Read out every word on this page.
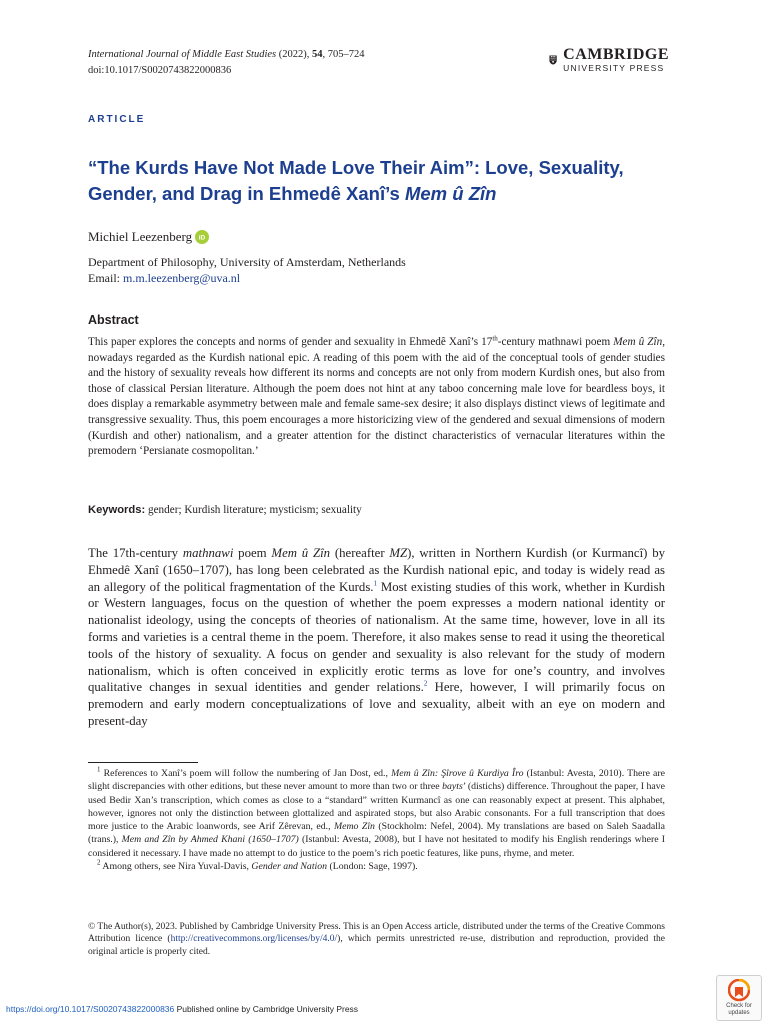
International Journal of Middle East Studies (2022), 54, 705–724
doi:10.1017/S0020743822000836
CAMBRIDGE
UNIVERSITY PRESS
ARTICLE
“The Kurds Have Not Made Love Their Aim”: Love, Sexuality, Gender, and Drag in Ehmedê Xanî’s Mem û Zîn
Michiel Leezenberg iD
Department of Philosophy, University of Amsterdam, Netherlands
Email: m.m.leezenberg@uva.nl
Abstract

This paper explores the concepts and norms of gender and sexuality in Ehmedê Xanî’s 17th-century mathnawi poem Mem û Zîn, nowadays regarded as the Kurdish national epic. A reading of this poem with the aid of the conceptual tools of gender studies and the history of sexuality reveals how different its norms and concepts are not only from modern Kurdish ones, but also from those of classical Persian literature. Although the poem does not hint at any taboo concerning male love for beardless boys, it does display a remarkable asymmetry between male and female same-sex desire; it also displays distinct views of legitimate and transgressive sexuality. Thus, this poem encourages a more historicizing view of the gendered and sexual dimensions of modern (Kurdish and other) nationalism, and a greater attention for the distinct characteristics of vernacular literatures within the premodern ‘Persianate cosmopolitan.’

Keywords: gender; Kurdish literature; mysticism; sexuality

The 17th-century mathnawi poem Mem û Zîn (hereafter MZ), written in Northern Kurdish (or Kurmancî) by Ehmedê Xanî (1650–1707), has long been celebrated as the Kurdish national epic, and today is widely read as an allegory of the political fragmentation of the Kurds.$^1$ Most existing studies of this work, whether in Kurdish or Western languages, focus on the question of whether the poem expresses a modern national identity or nationalist ideology, using the concepts of theories of nationalism. At the same time, however, love in all its forms and varieties is a central theme in the poem. Therefore, it also makes sense to read it using the theoretical tools of the history of sexuality. A focus on gender and sexuality is also relevant for the study of modern nationalism, which is often conceived in explicitly erotic terms as love for one’s country, and involves qualitative changes in sexual identities and gender relations.$^2$ Here, however, I will primarily focus on premodern and early modern conceptualizations of love and sexuality, albeit with an eye on modern and present-day

$^1$ References to Xanî’s poem will follow the numbering of Jan Dost, ed., Mem û Zîn: Şîrove û Kurdiya Îro (Istanbul: Avesta, 2010). There are slight discrepancies with other editions, but these never amount to more than two or three bayts’ (distichs) difference. Throughout the paper, I have used Bedir Xan’s transcription, which comes as close to a “standard” written Kurmancî as one can reasonably expect at present. This alphabet, however, ignores not only the distinction between glottalized and aspirated stops, but also Arabic consonants. For a full transcription that does more justice to the Arabic loanwords, see Arif Zêrevan, ed., Memo Zîn (Stockholm: Nefel, 2004). My translations are based on Saleh Saadalla (trans.), Mem and Zîn by Ahmed Khani (1650–1707) (Istanbul: Avesta, 2008), but I have not hesitated to modify his English renderings where I considered it necessary. I have made no attempt to do justice to the poem’s rich poetic features, like puns, rhyme, and meter.

$^2$ Among others, see Nira Yuval-Davis, Gender and Nation (London: Sage, 1997).

© The Author(s), 2023. Published by Cambridge University Press. This is an Open Access article, distributed under the terms of the Creative Commons Attribution licence (http://creativecommons.org/licenses/by/4.0/), which permits unrestricted re-use, distribution and reproduction, provided the original article is properly cited.
https://doi.org/10.1017/S0020743822000836 Published online by Cambridge University Press	Check for
updates
